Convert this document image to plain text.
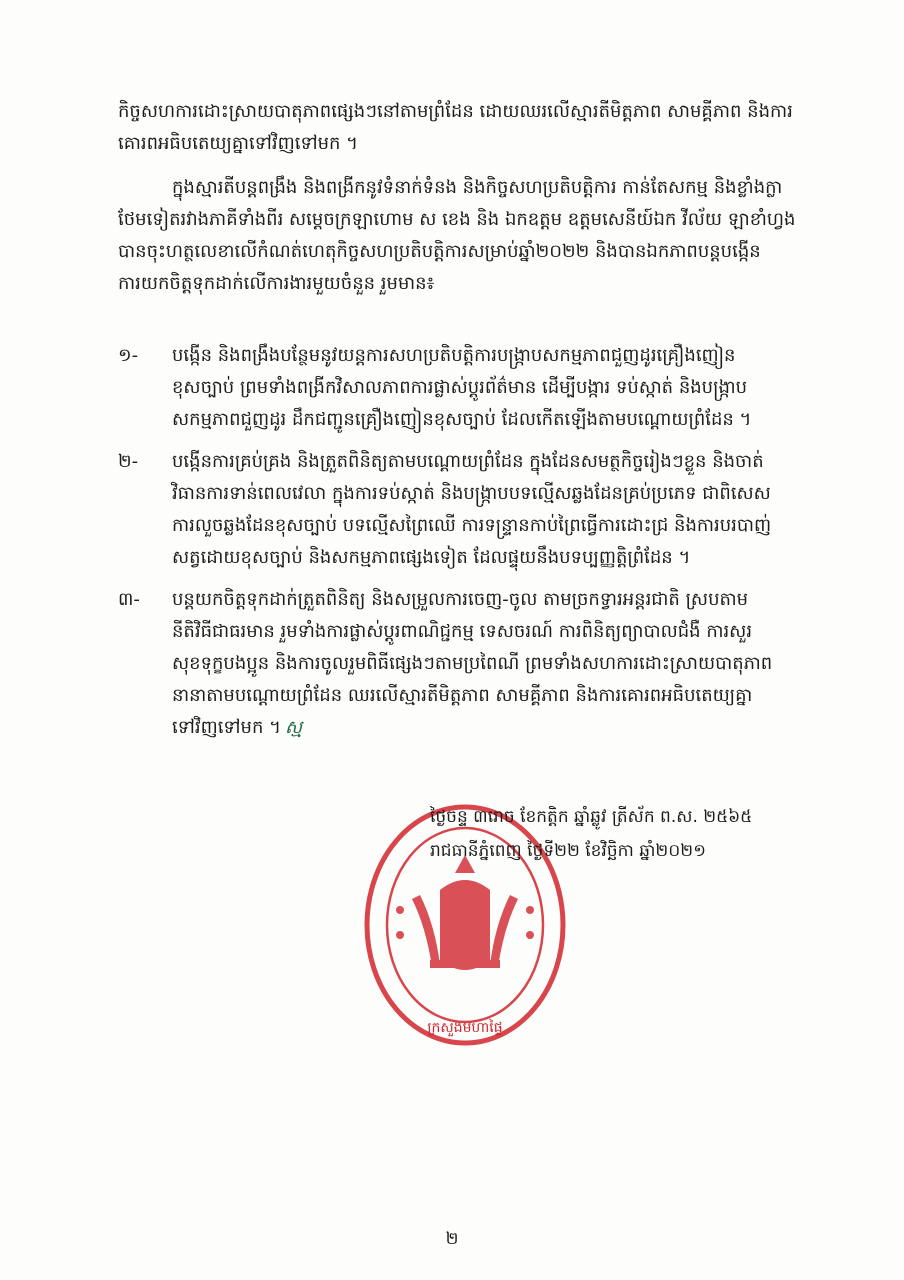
កិច្ចសហការដោះស្រាយបាតុភាពផ្សេងៗនៅតាមព្រំដែន ដោយឈរលើស្មារតីមិត្តភាព សាមគ្គីភាព និងការ
គោរពអធិបតេយ្យគ្នាទៅវិញទៅមក ។
ក្នុងស្មារតីបន្តពង្រឹង និងពង្រីកនូវទំនាក់ទំនង និងកិច្ចសហប្រតិបត្តិការ កាន់តែសកម្ម និងខ្លាំងក្លា
ថែមទៀតរវាងភាគីទាំងពីរ សម្តេចក្រឡាហោម ស ខេង និង ឯកឧត្តម ឧត្តមសេនីយ៍ឯក វីល័យ ឡាខាំហ្វង
បានចុះហត្ថលេខាលើកំណត់ហេតុកិច្ចសហប្រតិបត្តិការសម្រាប់ឆ្នាំ២០២២ និងបានឯកភាពបន្តបង្កើន
ការយកចិត្តទុកដាក់លើការងារមួយចំនួន រួមមាន៖
១- បង្កើន និងពង្រឹងបន្ថែមនូវយន្តការសហប្រតិបត្តិការបង្ក្រាបសកម្មភាពជួញដូរគ្រឿងញៀន
ខុសច្បាប់ ព្រមទាំងពង្រីកវិសាលភាពការផ្លាស់ប្តូរព័ត៌មាន ដើម្បីបង្ការ ទប់ស្កាត់ និងបង្ក្រាប
សកម្មភាពជួញដូរ ដឹកជញ្ជូនគ្រឿងញៀនខុសច្បាប់ ដែលកើតឡើងតាមបណ្តោយព្រំដែន ។
២- បង្កើនការគ្រប់គ្រង និងត្រួតពិនិត្យតាមបណ្តោយព្រំដែន ក្នុងដែនសមត្ថកិច្ចរៀងៗខ្លួន និងចាត់
វិធានការទាន់ពេលវេលា ក្នុងការទប់ស្កាត់ និងបង្ក្រាបបទល្មើសឆ្លងដែនគ្រប់ប្រភេទ ជាពិសេស
ការលួចឆ្លងដែនខុសច្បាប់ បទល្មើសព្រៃឈើ ការទន្ទ្រានកាប់ព្រៃធ្វើការដោះជ្រ និងការបរបាញ់
សត្វដោយខុសច្បាប់ និងសកម្មភាពផ្សេងទៀត ដែលផ្ទុយនឹងបទប្បញ្ញត្តិព្រំដែន ។
៣- បន្តយកចិត្តទុកដាក់ត្រួតពិនិត្យ និងសម្រួលការចេញ-ចូល តាមច្រកទ្វារអន្តរជាតិ ស្របតាម
នីតិវិធីជាធរមាន រួមទាំងការផ្លាស់ប្តូរពាណិជ្ជកម្ម ទេសចរណ៍ ការពិនិត្យព្យាបាលជំងឺ ការសួរ
សុខទុក្ខបងប្អូន និងការចូលរួមពិធីផ្សេងៗតាមប្រពៃណី ព្រមទាំងសហការដោះស្រាយបាតុភាព
នានាតាមបណ្តោយព្រំដែន ឈរលើស្មារតីមិត្តភាព សាមគ្គីភាព និងការគោរពអធិបតេយ្យគ្នា
ទៅវិញទៅមក ។ ស្ម
ក្រសួងមហាផ្ទៃ
ថ្ងៃចន្ទ ៣រោច ខែកត្តិក ឆ្នាំឆ្លូវ ត្រីស័ក ព.ស. ២៥៦៥
រាជធានីភ្នំពេញ ថ្ងៃទី២២ ខែវិច្ឆិកា ឆ្នាំ២០២១
២
